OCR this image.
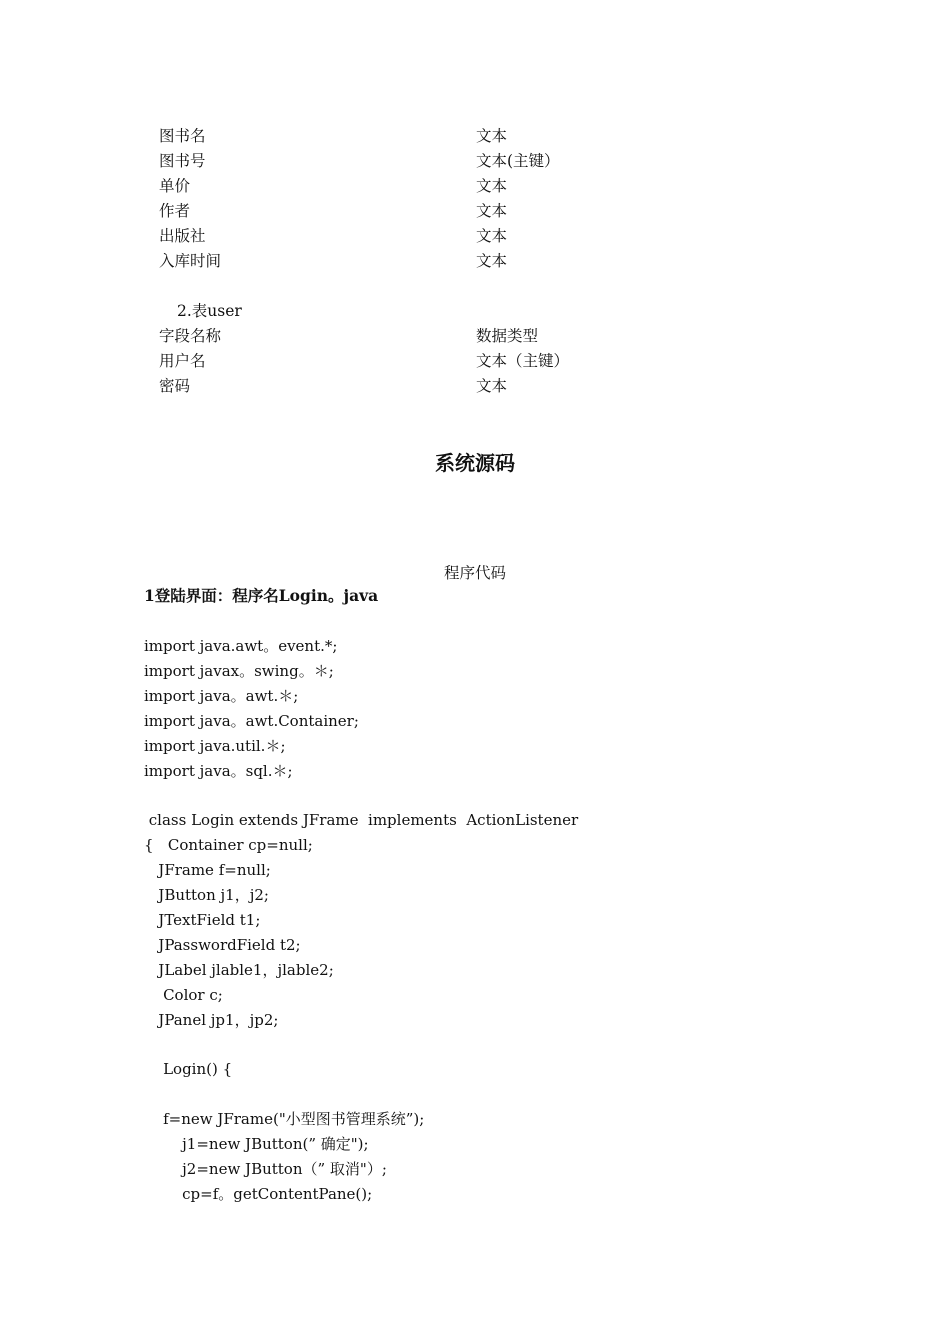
图书名	文本
图书号	文本(主键）
单价	文本
作者	文本
出版社	文本
入库时间	文本
2.表user
字段名称	数据类型
用户名	文本（主键）
密码	文本
系统源码
程序代码
1登陆界面：程序名Login。java
import java.awt。event.*;
import javax。swing。＊;
import java。awt.＊;
import java。awt.Container;
import java.util.＊;
import java。sql.＊;
class Login extends JFrame  implements  ActionListener
{   Container cp=null;
JFrame f=null;
JButton j1，j2;
JTextField t1;
JPasswordField t2;
JLabel jlable1，jlable2;
Color c;
JPanel jp1，jp2;
Login() {
f=new JFrame("小型图书管理系统”);
j1=new JButton(” 确定");
j2=new JButton（” 取消"）;
cp=f。getContentPane();
